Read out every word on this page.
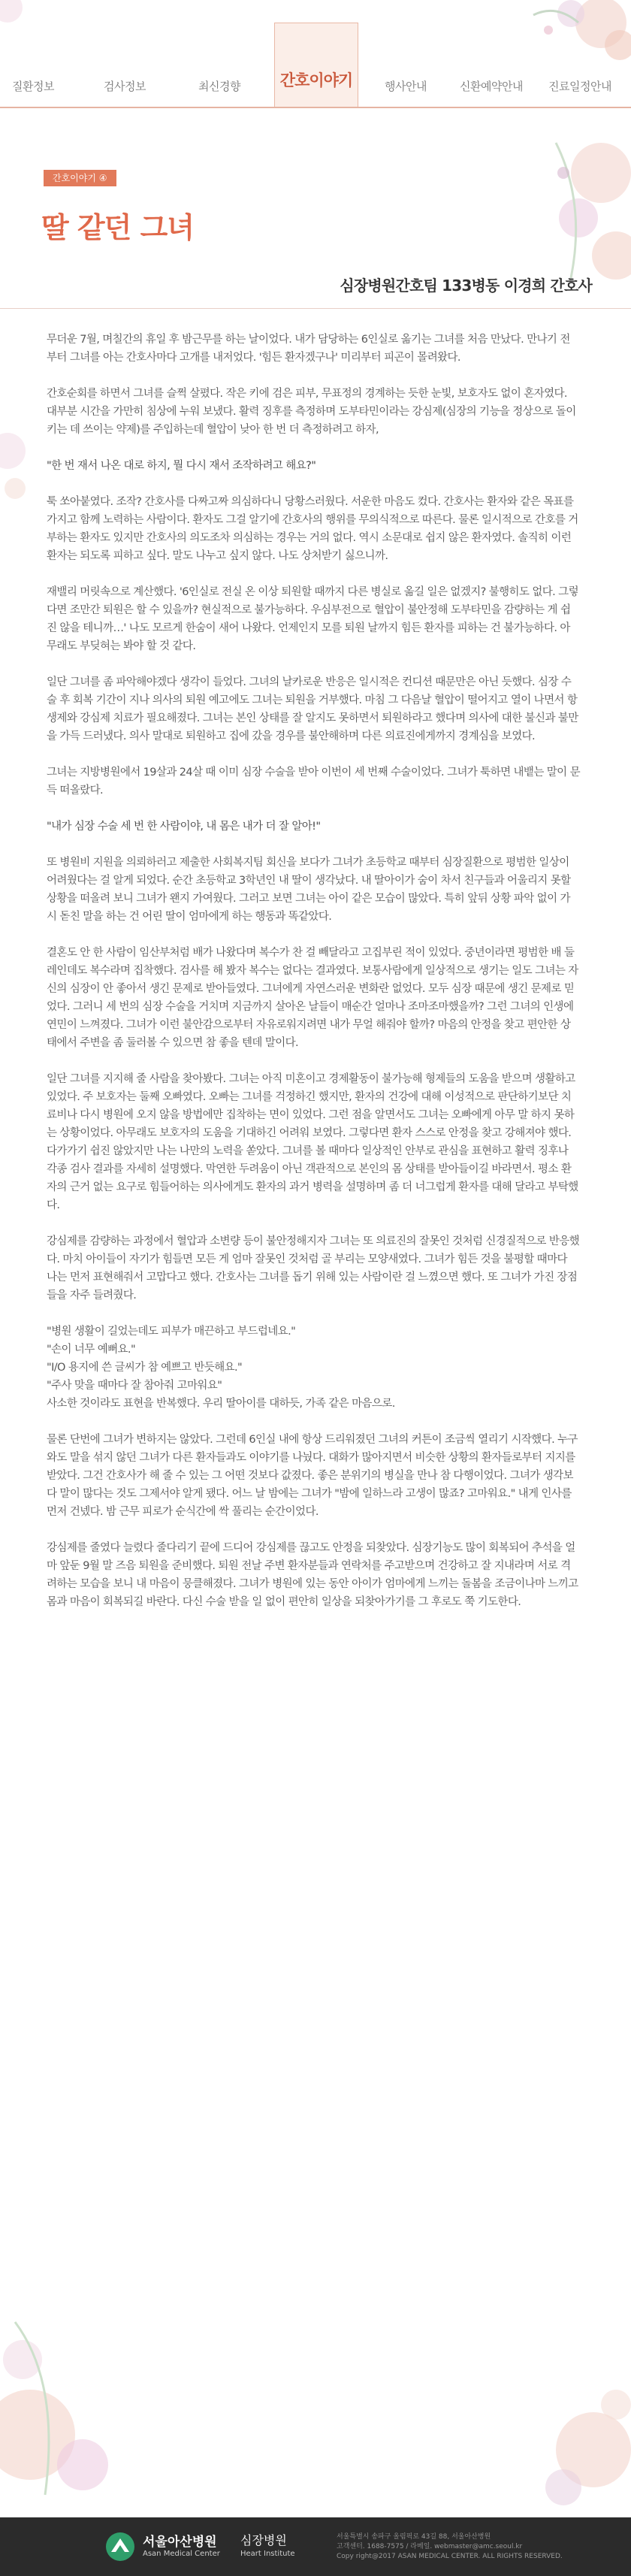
간호이야기
질환정보	검사정보	최신경향	행사안내	신환예약안내 진료일정안내
간호이야기 ④
딸 같던 그녀
심장병원간호팀 133병동 이경희 간호사

무더운 7월, 며칠간의 휴일 후 밤근무를 하는 날이었다. 내가 담당하는 6인실로 옮기는 그녀를 처음 만났다. 만나기 전부터 그녀를 아는 간호사마다 고개를 내저었다. '힘든 환자겠구나' 미리부터 피곤이 몰려왔다.

간호순회를 하면서 그녀를 슬쩍 살폈다. 작은 키에 검은 피부, 무표정의 경계하는 듯한 눈빛, 보호자도 없이 혼자였다. 대부분 시간을 가만히 침상에 누워 보냈다. 활력 징후를 측정하며 도부타민이라는 강심제(심장의 기능을 정상으로 돌이키는 데 쓰이는 약제)를 주입하는데 혈압이 낮아 한 번 더 측정하려고 하자,

"한 번 재서 나온 대로 하지, 뭘 다시 재서 조작하려고 해요?"

툭 쏘아붙였다. 조작? 간호사를 다짜고짜 의심하다니 당황스러웠다. 서운한 마음도 컸다. 간호사는 환자와 같은 목표를 가지고 함께 노력하는 사람이다. 환자도 그걸 알기에 간호사의 행위를 무의식적으로 따른다. 물론 일시적으로 간호를 거부하는 환자도 있지만 간호사의 의도조차 의심하는 경우는 거의 없다. 역시 소문대로 쉽지 않은 환자였다. 솔직히 이런 환자는 되도록 피하고 싶다. 말도 나누고 싶지 않다. 나도 상처받기 싫으니까.

재밸리 머릿속으로 계산했다. '6인실로 전실 온 이상 퇴원할 때까지 다른 병실로 옮길 일은 없겠지? 불행히도 없다. 그렇다면 조만간 퇴원은 할 수 있을까? 현실적으로 불가능하다. 우심부전으로 혈압이 불안정해 도부타민을 감량하는 게 쉽진 않을 테니까…' 나도 모르게 한숨이 새어 나왔다. 언제인지 모를 퇴원 날까지 힘든 환자를 피하는 건 불가능하다. 아무래도 부딪혀는 봐야 할 것 같다.

일단 그녀를 좀 파악해야겠다 생각이 들었다. 그녀의 날카로운 반응은 일시적은 컨디션 때문만은 아닌 듯했다. 심장 수술 후 회복 기간이 지나 의사의 퇴원 예고에도 그녀는 퇴원을 거부했다. 마침 그 다음날 혈압이 떨어지고 열이 나면서 항생제와 강심제 치료가 필요해졌다. 그녀는 본인 상태를 잘 알지도 못하면서 퇴원하라고 했다며 의사에 대한 불신과 불만을 가득 드러냈다. 의사 말대로 퇴원하고 집에 갔을 경우를 불안해하며 다른 의료진에게까지 경계심을 보였다.

그녀는 지방병원에서 19살과 24살 때 이미 심장 수술을 받아 이번이 세 번째 수술이었다. 그녀가 툭하면 내뱉는 말이 문득 떠올랐다.

"내가 심장 수술 세 번 한 사람이야, 내 몸은 내가 더 잘 알아!"

또 병원비 지원을 의뢰하러고 제출한 사회복지팀 회신을 보다가 그녀가 초등학교 때부터 심장질환으로 평범한 일상이 어려웠다는 걸 알게 되었다. 순간 초등학교 3학년인 내 딸이 생각났다. 내 딸아이가 숨이 차서 친구들과 어울리지 못할 상황을 떠올려 보니 그녀가 왠지 가여웠다. 그러고 보면 그녀는 아이 같은 모습이 많았다. 특히 앞뒤 상황 파악 없이 가시 돋친 말을 하는 건 어린 딸이 엄마에게 하는 행동과 똑같았다.

결혼도 안 한 사람이 임산부처럼 배가 나왔다며 복수가 찬 걸 빼달라고 고집부린 적이 있었다. 중년이라면 평범한 배 둘레인데도 복수라며 집착했다. 검사를 해 봤자 복수는 없다는 결과였다. 보통사람에게 일상적으로 생기는 일도 그녀는 자신의 심장이 안 좋아서 생긴 문제로 받아들였다. 그녀에게 자연스러운 변화란 없었다. 모두 심장 때문에 생긴 문제로 믿었다. 그러니 세 번의 심장 수술을 거치며 지금까지 살아온 날들이 매순간 얼마나 조마조마했을까? 그런 그녀의 인생에 연민이 느껴졌다. 그녀가 이런 불안감으로부터 자유로워지려면 내가 무얼 해줘야 할까? 마음의 안정을 찾고 편안한 상태에서 주변을 좀 둘러볼 수 있으면 참 좋을 텐데 말이다.

일단 그녀를 지지해 줄 사람을 찾아봤다. 그녀는 아직 미혼이고 경제활동이 불가능해 형제들의 도움을 받으며 생활하고 있었다. 주 보호자는 둘째 오빠였다. 오빠는 그녀를 걱정하긴 했지만, 환자의 건강에 대해 이성적으로 판단하기보단 치료비나 다시 병원에 오지 않을 방법에만 집착하는 면이 있었다. 그런 점을 알면서도 그녀는 오빠에게 아무 말 하지 못하는 상황이었다. 아무래도 보호자의 도움을 기대하긴 어려워 보였다. 그렇다면 환자 스스로 안정을 찾고 강해져야 했다. 다가가기 쉽진 않았지만 나는 나만의 노력을 쏟았다. 그녀를 볼 때마다 일상적인 안부로 관심을 표현하고 활력 징후나 각종 검사 결과를 자세히 설명했다. 막연한 두려움이 아닌 객관적으로 본인의 몸 상태를 받아들이길 바라면서. 평소 환자의 근거 없는 요구로 힘들어하는 의사에게도 환자의 과거 병력을 설명하며 좀 더 너그럽게 환자를 대해 달라고 부탁했다.

강심제를 감량하는 과정에서 혈압과 소변량 등이 불안정해지자 그녀는 또 의료진의 잘못인 것처럼 신경질적으로 반응했다. 마치 아이들이 자기가 힘들면 모든 게 엄마 잘못인 것처럼 골 부리는 모양새였다. 그녀가 힘든 것을 불평할 때마다 나는 먼저 표현해줘서 고맙다고 했다. 간호사는 그녀를 돕기 위해 있는 사람이란 걸 느꼈으면 했다. 또 그녀가 가진 장점들을 자주 들려줬다.

"병원 생활이 길었는데도 피부가 매끈하고 부드럽네요."

"손이 너무 예뻐요."

"I/O 용지에 쓴 글씨가 참 예쁘고 반듯해요."

"주사 맞을 때마다 잘 참아줘 고마워요"

사소한 것이라도 표현을 반복했다. 우리 딸아이를 대하듯, 가족 같은 마음으로.

물론 단번에 그녀가 변하지는 않았다. 그런데 6인실 내에 항상 드리워졌던 그녀의 커튼이 조금씩 열리기 시작했다. 누구와도 말을 섞지 않던 그녀가 다른 환자들과도 이야기를 나눴다. 대화가 많아지면서 비슷한 상황의 환자들로부터 지지를 받았다. 그건 간호사가 해 줄 수 있는 그 어떤 것보다 값졌다. 좋은 분위기의 병실을 만나 참 다행이었다. 그녀가 생각보다 말이 많다는 것도 그제서야 알게 됐다. 어느 날 밤에는 그녀가 "밤에 일하느라 고생이 많죠? 고마워요." 내게 인사를 먼저 건넸다. 밤 근무 피로가 순식간에 싹 풀리는 순간이었다.

강심제를 줄였다 늘렸다 줄다리기 끝에 드디어 강심제를 끊고도 안정을 되찾았다. 심장기능도 많이 회복되어 추석을 얼마 앞둔 9월 말 즈음 퇴원을 준비했다. 퇴원 전날 주변 환자분들과 연락처를 주고받으며 건강하고 잘 지내라며 서로 격려하는 모습을 보니 내 마음이 뭉클해졌다. 그녀가 병원에 있는 동안 아이가 엄마에게 느끼는 돌봄을 조금이나마 느끼고 몸과 마음이 회복되길 바란다. 다신 수술 받을 일 없이 편안히 일상을 되찾아가기를 그 후로도 쭉 기도한다.

서울아산병원
Asan Medical Center
심장병원
Heart Institute
서울특별시 송파구 올림픽로 43길 88, 서울아산병원
고객센터. 1688-7575 / 라메일. webmaster@amc.seoul.kr
Copy right@2017 ASAN MEDICAL CENTER. ALL RIGHTS RESERVED.
